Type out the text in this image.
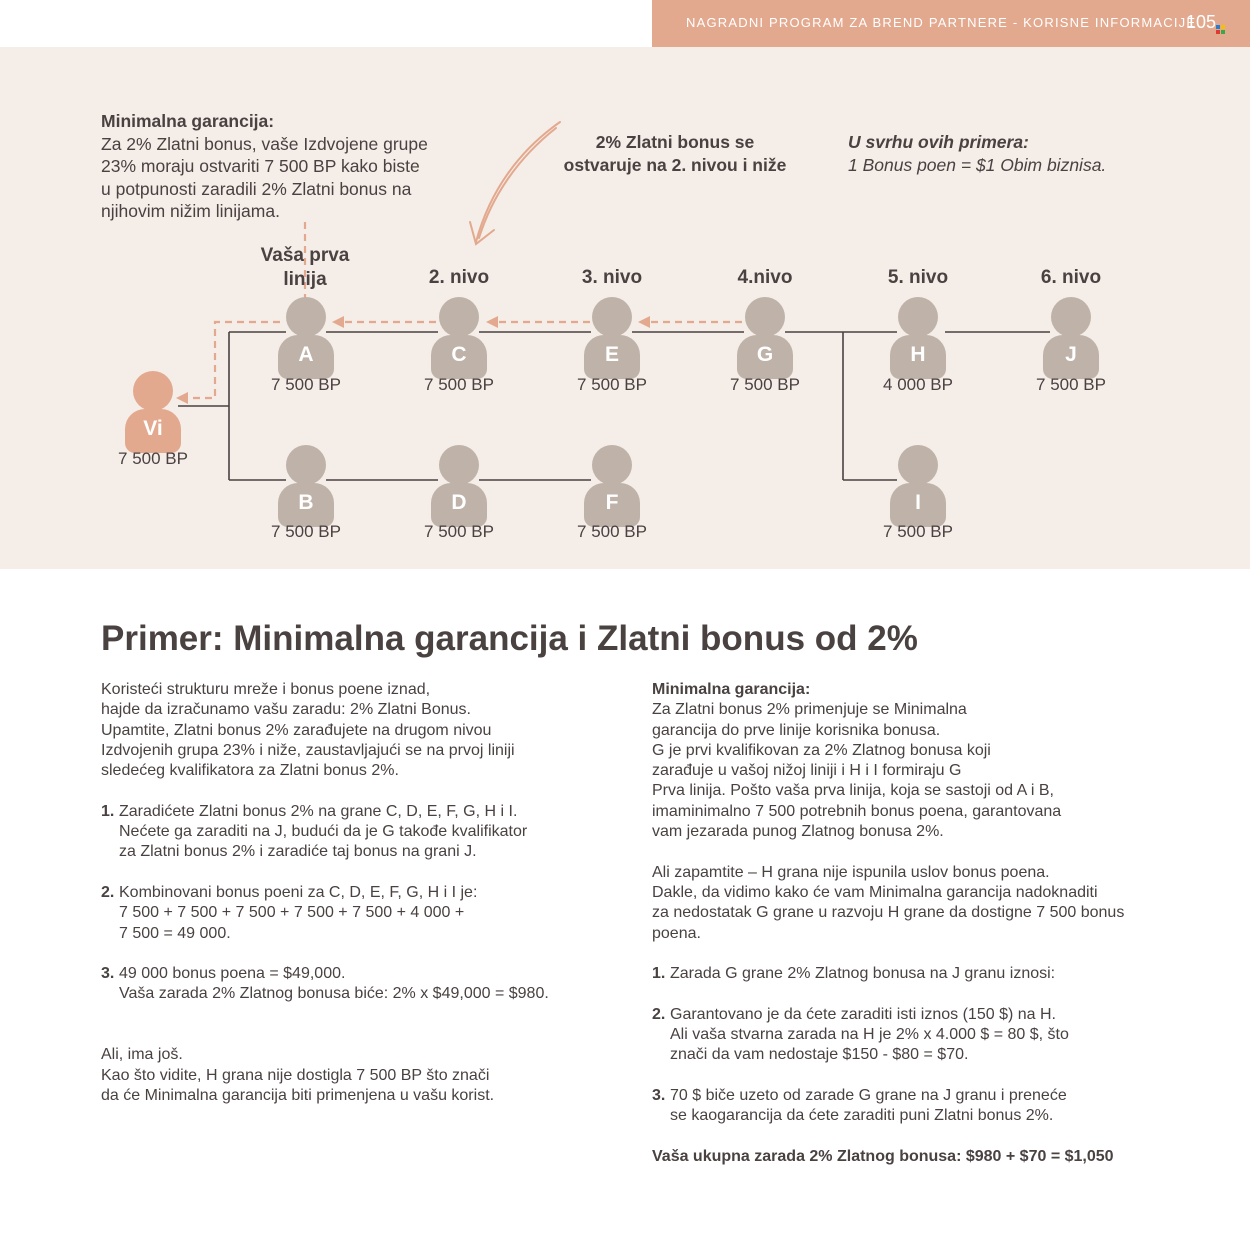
NAGRADNI PROGRAM ZA BREND PARTNERE - KORISNE INFORMACIJE
105
Minimalna garancija:
Za 2% Zlatni bonus, vaše Izdvojene grupe
23% moraju ostvariti 7 500 BP kako biste
u potpunosti zaradili 2% Zlatni bonus na
njihovim nižim linijama.
2% Zlatni bonus se
ostvaruje na 2. nivou i niže
U svrhu ovih primera:
1 Bonus poen = $1 Obim biznisa.
Vaša prva
linija	2. nivo	3. nivo	4.nivo	5. nivo	6. nivo
Vi
7 500 BP
A
7 500 BP
B
7 500 BP
C
7 500 BP
D
7 500 BP
E
7 500 BP
F
7 500 BP
G
7 500 BP
H
4 000 BP
I
7 500 BP
J
7 500 BP
Primer: Minimalna garancija i Zlatni bonus od 2%

Koristeći strukturu mreže i bonus poene iznad,
hajde da izračunamo vašu zaradu: 2% Zlatni Bonus.
Upamtite, Zlatni bonus 2% zarađujete na drugom nivou
Izdvojenih grupa 23% i niže, zaustavljajući se na prvoj liniji
sledećeg kvalifikatora za Zlatni bonus 2%.

1. Zaradićete Zlatni bonus 2% na grane C, D, E, F, G, H i I.
Nećete ga zaraditi na J, budući da je G takođe kvalifikator
za Zlatni bonus 2% i zaradiće taj bonus na grani J.
2. Kombinovani bonus poeni za C, D, E, F, G, H i I je:
7 500 + 7 500 + 7 500 + 7 500 + 7 500 + 4 000 +
7 500 = 49 000.
3. 49 000 bonus poena = $49,000.
Vaša zarada 2% Zlatnog bonusa biće: 2% x $49,000 = $980.

Ali, ima još.
Kao što vidite, H grana nije dostigla 7 500 BP što znači
da će Minimalna garancija biti primenjena u vašu korist.

Minimalna garancija:

Za Zlatni bonus 2% primenjuje se Minimalna
garancija do prve linije korisnika bonusa.
G je prvi kvalifikovan za 2% Zlatnog bonusa koji
zarađuje u vašoj nižoj liniji i H i I formiraju G
Prva linija. Pošto vaša prva linija, koja se sastoji od A i B,
imaminimalno 7 500 potrebnih bonus poena, garantovana
vam jezarada punog Zlatnog bonusa 2%.

Ali zapamtite – H grana nije ispunila uslov bonus poena.
Dakle, da vidimo kako će vam Minimalna garancija nadoknaditi
za nedostatak G grane u razvoju H grane da dostigne 7 500 bonus
poena.

1. Zarada G grane 2% Zlatnog bonusa na J granu iznosi:
2. Garantovano je da ćete zaraditi isti iznos (150 $) na H.
Ali vaša stvarna zarada na H je 2% x 4.000 $ = 80 $, što
znači da vam nedostaje $150 - $80 = $70.
3. 70 $ biče uzeto od zarade G grane na J granu i preneće
se kaogarancija da ćete zaraditi puni Zlatni bonus 2%.
Vaša ukupna zarada 2% Zlatnog bonusa: $980 + $70 = $1,050
